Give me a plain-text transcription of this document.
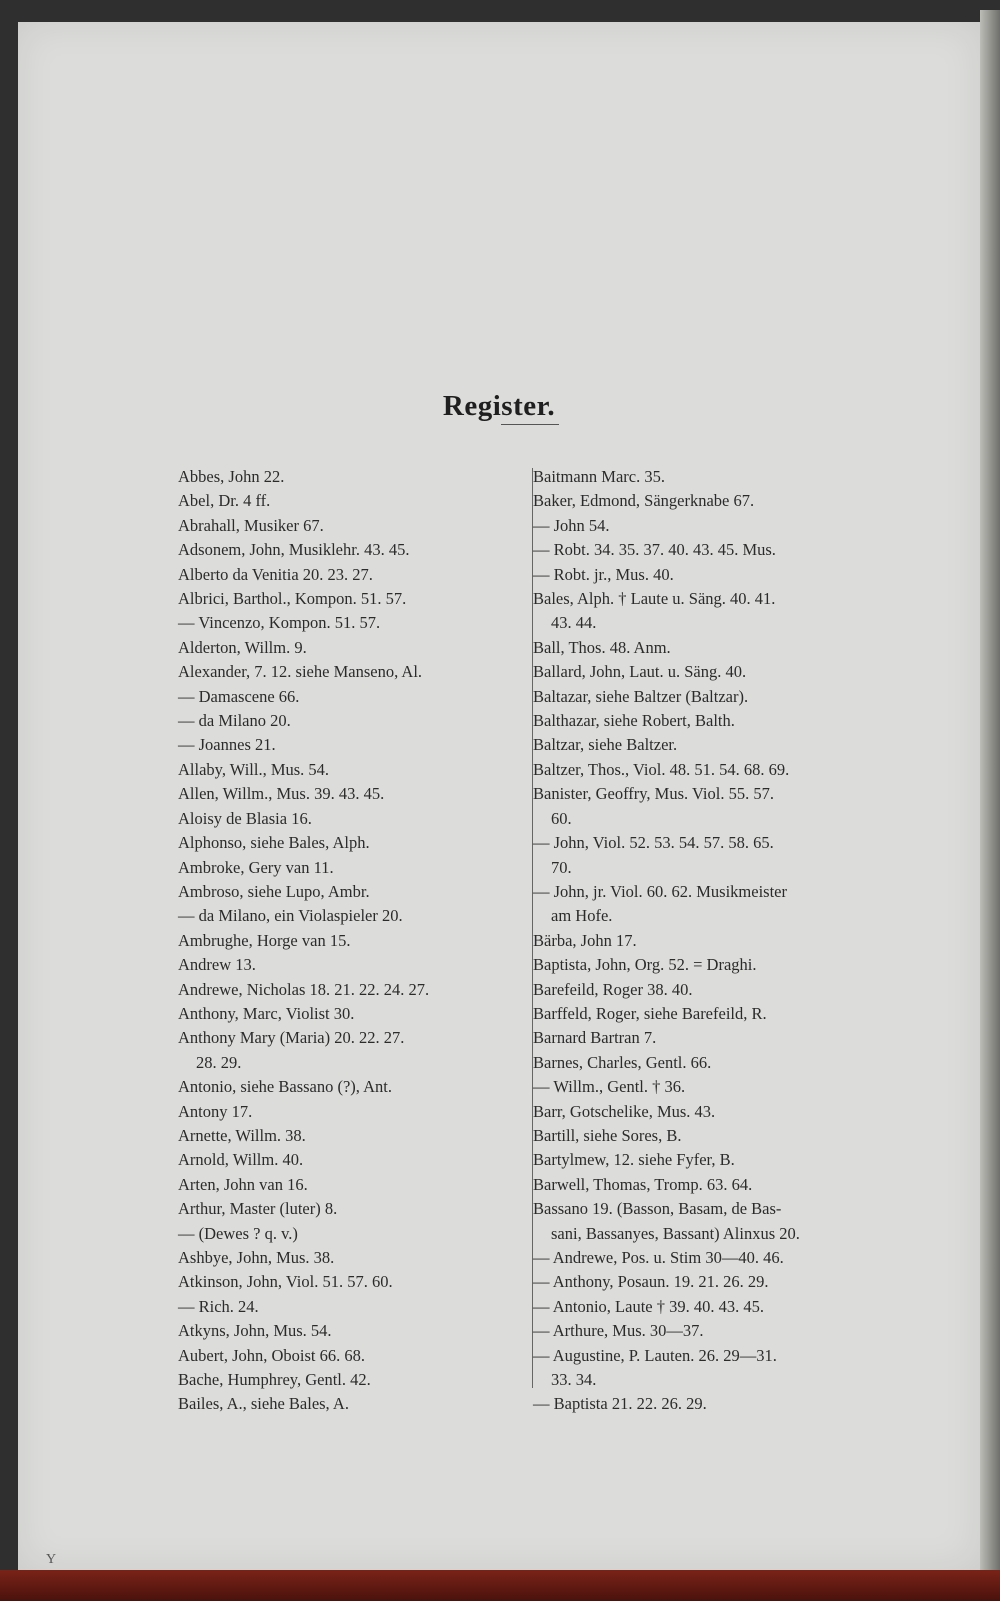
Register.
Abbes, John 22.
Abel, Dr. 4 ff.
Abrahall, Musiker 67.
Adsonem, John, Musiklehr. 43. 45.
Alberto da Venitia 20. 23. 27.
Albrici, Barthol., Kompon. 51. 57.
— Vincenzo, Kompon. 51. 57.
Alderton, Willm. 9.
Alexander, 7. 12. siehe Manseno, Al.
— Damascene 66.
— da Milano 20.
— Joannes 21.
Allaby, Will., Mus. 54.
Allen, Willm., Mus. 39. 43. 45.
Aloisy de Blasia 16.
Alphonso, siehe Bales, Alph.
Ambroke, Gery van 11.
Ambroso, siehe Lupo, Ambr.
— da Milano, ein Violaspieler 20.
Ambrughe, Horge van 15.
Andrew 13.
Andrewe, Nicholas 18. 21. 22. 24. 27.
Anthony, Marc, Violist 30.
Anthony Mary (Maria) 20. 22. 27.
28. 29.
Antonio, siehe Bassano (?), Ant.
Antony 17.
Arnette, Willm. 38.
Arnold, Willm. 40.
Arten, John van 16.
Arthur, Master (luter) 8.
— (Dewes ? q. v.)
Ashbye, John, Mus. 38.
Atkinson, John, Viol. 51. 57. 60.
— Rich. 24.
Atkyns, John, Mus. 54.
Aubert, John, Oboist 66. 68.
Bache, Humphrey, Gentl. 42.
Bailes, A., siehe Bales, A.
Baitmann Marc. 35.
Baker, Edmond, Sängerknabe 67.
— John 54.
— Robt. 34. 35. 37. 40. 43. 45. Mus.
— Robt. jr., Mus. 40.
Bales, Alph. † Laute u. Säng. 40. 41.
43. 44.
Ball, Thos. 48. Anm.
Ballard, John, Laut. u. Säng. 40.
Baltazar, siehe Baltzer (Baltzar).
Balthazar, siehe Robert, Balth.
Baltzar, siehe Baltzer.
Baltzer, Thos., Viol. 48. 51. 54. 68. 69.
Banister, Geoffry, Mus. Viol. 55. 57.
60.
— John, Viol. 52. 53. 54. 57. 58. 65.
70.
— John, jr. Viol. 60. 62. Musikmeister
am Hofe.
Bärba, John 17.
Baptista, John, Org. 52. = Draghi.
Barefeild, Roger 38. 40.
Barffeld, Roger, siehe Barefeild, R.
Barnard Bartran 7.
Barnes, Charles, Gentl. 66.
— Willm., Gentl. † 36.
Barr, Gotschelike, Mus. 43.
Bartill, siehe Sores, B.
Bartylmew, 12. siehe Fyfer, B.
Barwell, Thomas, Tromp. 63. 64.
Bassano 19. (Basson, Basam, de Bas-
sani, Bassanyes, Bassant) Alinxus 20.
— Andrewe, Pos. u. Stim 30—40. 46.
— Anthony, Posaun. 19. 21. 26. 29.
— Antonio, Laute † 39. 40. 43. 45.
— Arthure, Mus. 30—37.
— Augustine, P. Lauten. 26. 29—31.
33. 34.
— Baptista 21. 22. 26. 29.
Y
